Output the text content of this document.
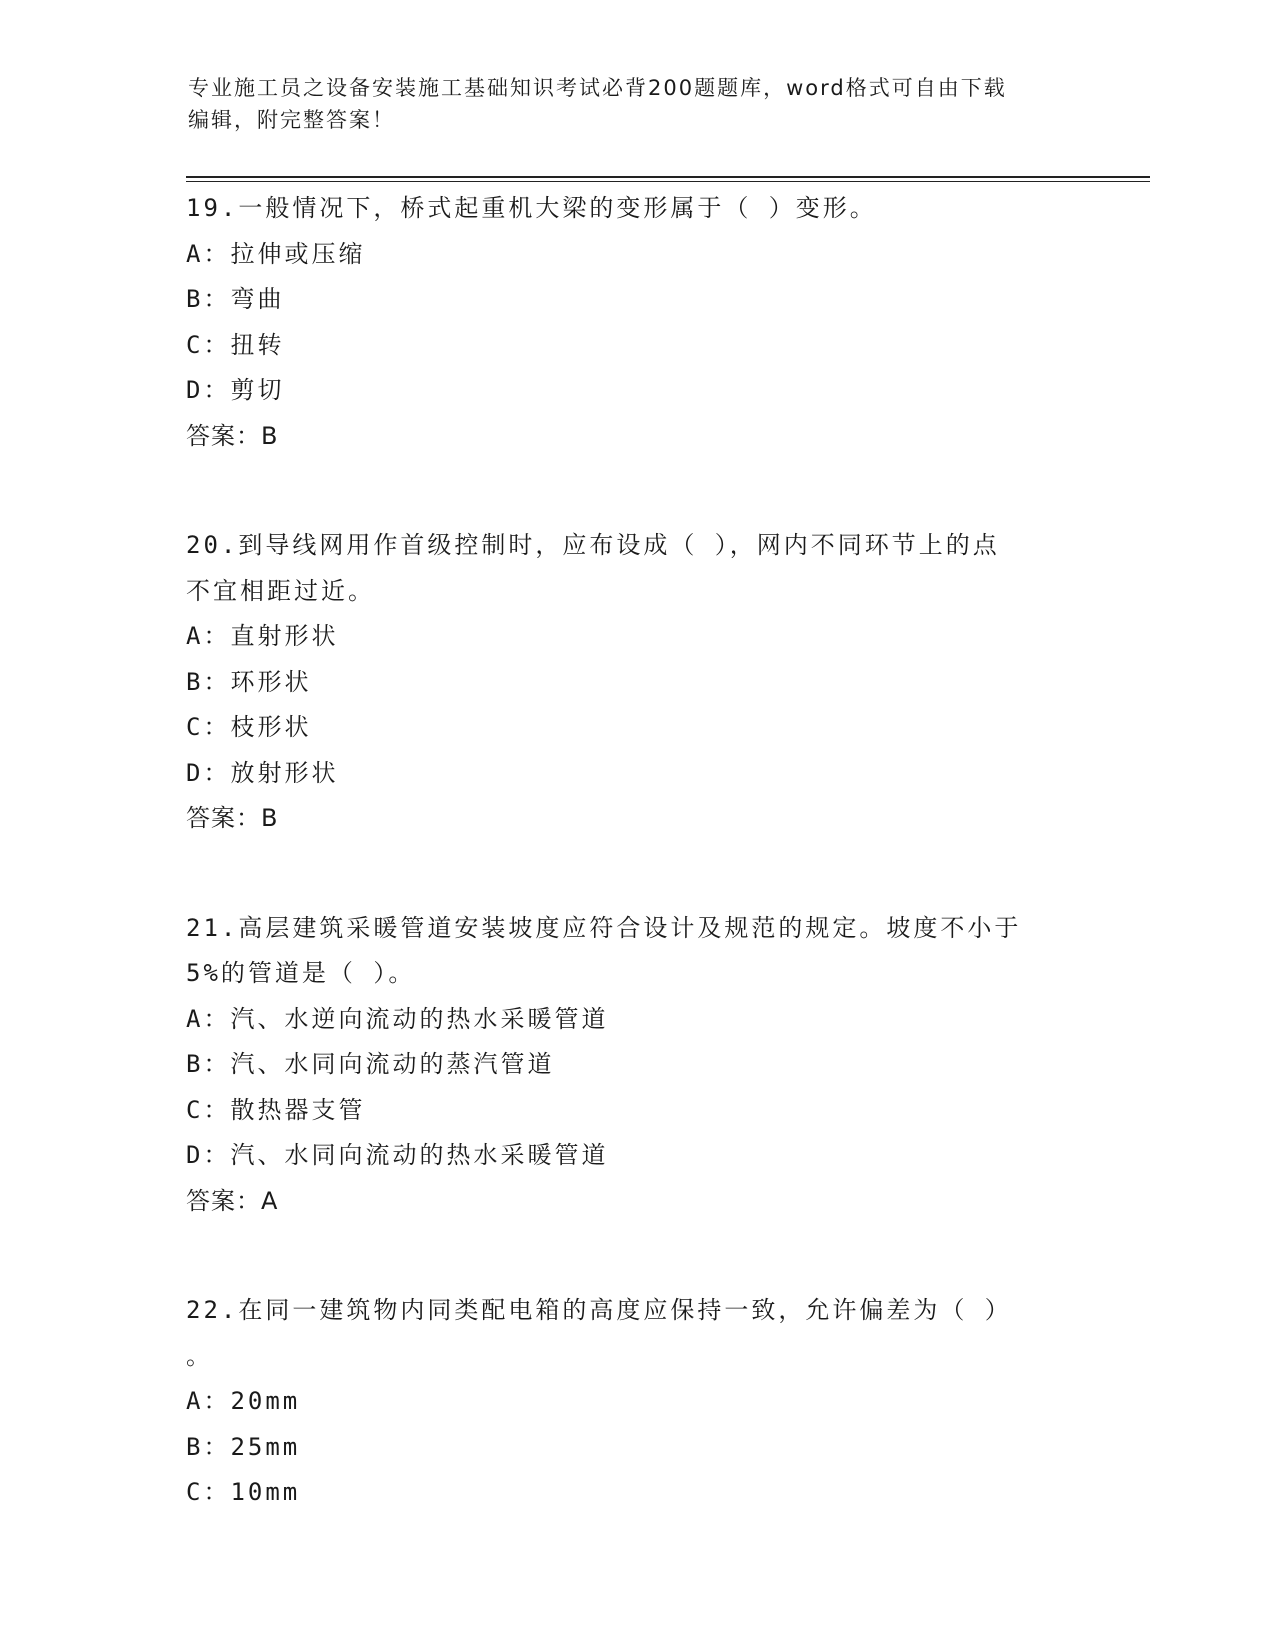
专业施工员之设备安装施工基础知识考试必背200题题库，word格式可自由下载
编辑，附完整答案！
19.一般情况下，桥式起重机大梁的变形属于（ ）变形。
A：拉伸或压缩
B：弯曲
C：扭转
D：剪切
答案：B
20.到导线网用作首级控制时，应布设成（ ），网内不同环节上的点
不宜相距过近。
A：直射形状
B：环形状
C：枝形状
D：放射形状
答案：B
21.高层建筑采暖管道安装坡度应符合设计及规范的规定。坡度不小于
5%的管道是（ ）。
A：汽、水逆向流动的热水采暖管道
B：汽、水同向流动的蒸汽管道
C：散热器支管
D：汽、水同向流动的热水采暖管道
答案：A
22.在同一建筑物内同类配电箱的高度应保持一致，允许偏差为（ ）
。
A：20mm
B：25mm
C：10mm
